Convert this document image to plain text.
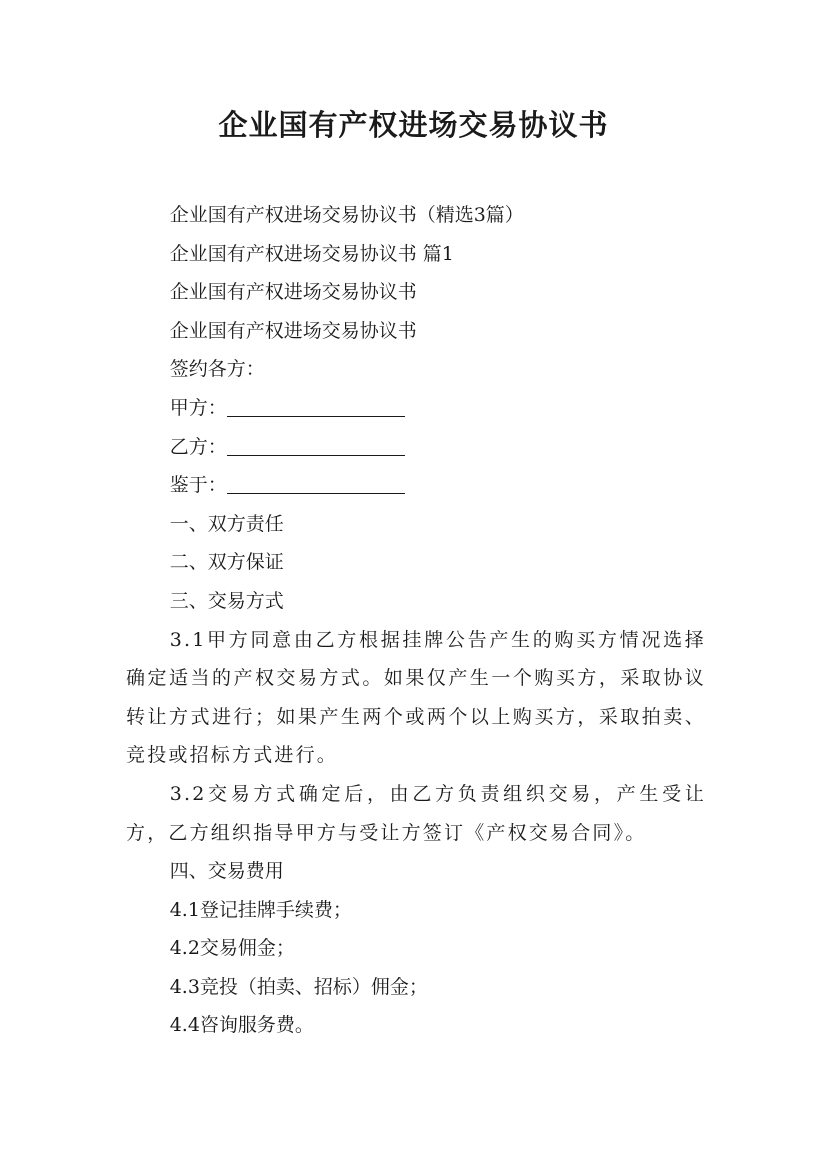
企业国有产权进场交易协议书

企业国有产权进场交易协议书（精选3篇）

企业国有产权进场交易协议书 篇1

企业国有产权进场交易协议书

企业国有产权进场交易协议书

签约各方：

甲方：

乙方：

鉴于：

一、双方责任

二、双方保证

三、交易方式

3.1甲方同意由乙方根据挂牌公告产生的购买方情况选择确定适当的产权交易方式。如果仅产生一个购买方，采取协议转让方式进行；如果产生两个或两个以上购买方，采取拍卖、竞投或招标方式进行。

3.2交易方式确定后，由乙方负责组织交易，产生受让方，乙方组织指导甲方与受让方签订《产权交易合同》。

四、交易费用

4.1登记挂牌手续费；

4.2交易佣金；

4.3竞投（拍卖、招标）佣金；

4.4咨询服务费。
